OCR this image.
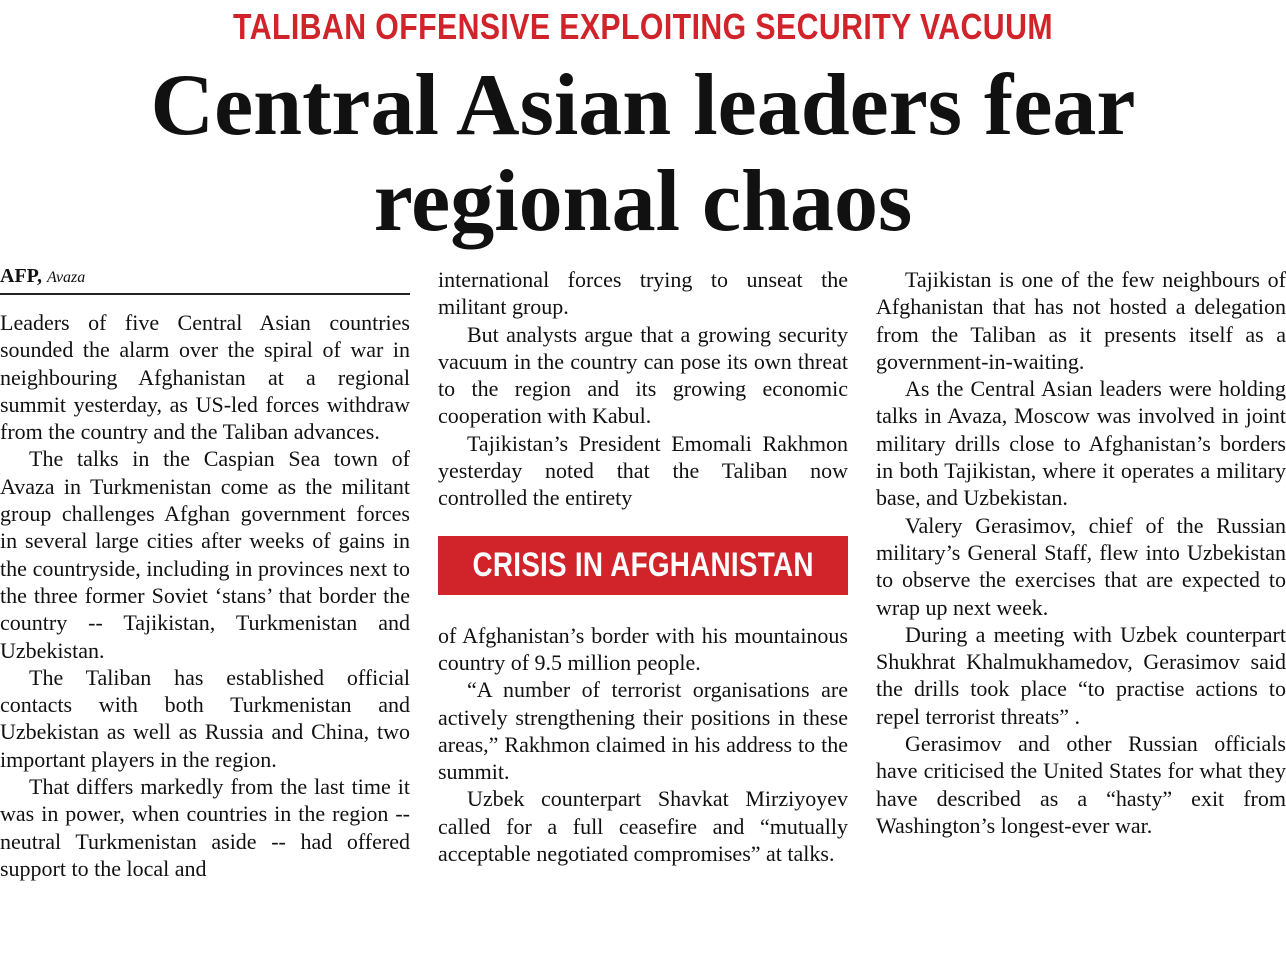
TALIBAN OFFENSIVE EXPLOITING SECURITY VACUUM
Central Asian leaders fear
regional chaos
AFP, Avaza

Leaders of five Central Asian countries sounded the alarm over the spiral of war in neighbouring Afghanistan at a regional summit yesterday, as US-led forces withdraw from the country and the Taliban advances.

The talks in the Caspian Sea town of Avaza in Turkmenistan come as the militant group challenges Afghan government forces in several large cities after weeks of gains in the countryside, including in provinces next to the three former Soviet ‘stans’ that border the country -- Tajikistan, Turkmenistan and Uzbekistan.

The Taliban has established official contacts with both Turkmenistan and Uzbekistan as well as Russia and China, two important players in the region.

That differs markedly from the last time it was in power, when countries in the region -- neutral Turkmenistan aside -- had offered support to the local and

international forces trying to unseat the militant group.

But analysts argue that a growing security vacuum in the country can pose its own threat to the region and its growing economic cooperation with Kabul.

Tajikistan’s President Emomali Rakhmon yesterday noted that the Taliban now controlled the entirety

CRISIS IN AFGHANISTAN

of Afghanistan’s border with his mountainous country of 9.5 million people.

“A number of terrorist organisations are actively strengthening their positions in these areas,” Rakhmon claimed in his address to the summit.

Uzbek counterpart Shavkat Mirziyoyev called for a full ceasefire and “mutually acceptable negotiated compromises” at talks.

Tajikistan is one of the few neighbours of Afghanistan that has not hosted a delegation from the Taliban as it presents itself as a government-in-waiting.

As the Central Asian leaders were holding talks in Avaza, Moscow was involved in joint military drills close to Afghanistan’s borders in both Tajikistan, where it operates a military base, and Uzbekistan.

Valery Gerasimov, chief of the Russian military’s General Staff, flew into Uzbekistan to observe the exercises that are expected to wrap up next week.

During a meeting with Uzbek counterpart Shukhrat Khalmukhamedov, Gerasimov said the drills took place “to practise actions to repel terrorist threats” .

Gerasimov and other Russian officials have criticised the United States for what they have described as a “hasty” exit from Washington’s longest-ever war.
